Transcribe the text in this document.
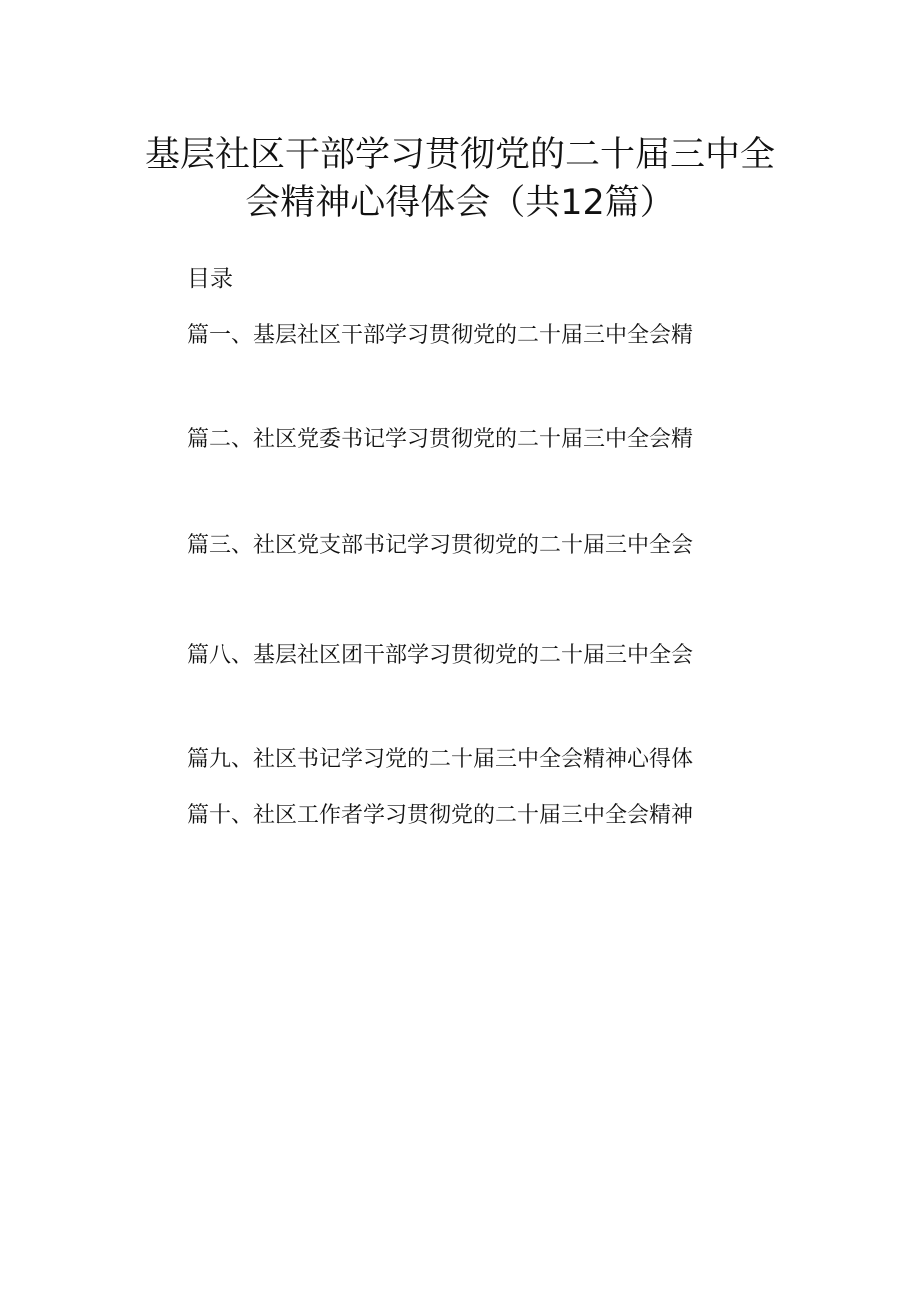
基层社区干部学习贯彻党的二十届三中全
会精神心得体会（共12篇）
目录
篇一、基层社区干部学习贯彻党的二十届三中全会精
篇二、社区党委书记学习贯彻党的二十届三中全会精
篇三、社区党支部书记学习贯彻党的二十届三中全会
篇八、基层社区团干部学习贯彻党的二十届三中全会
篇九、社区书记学习党的二十届三中全会精神心得体
篇十、社区工作者学习贯彻党的二十届三中全会精神
